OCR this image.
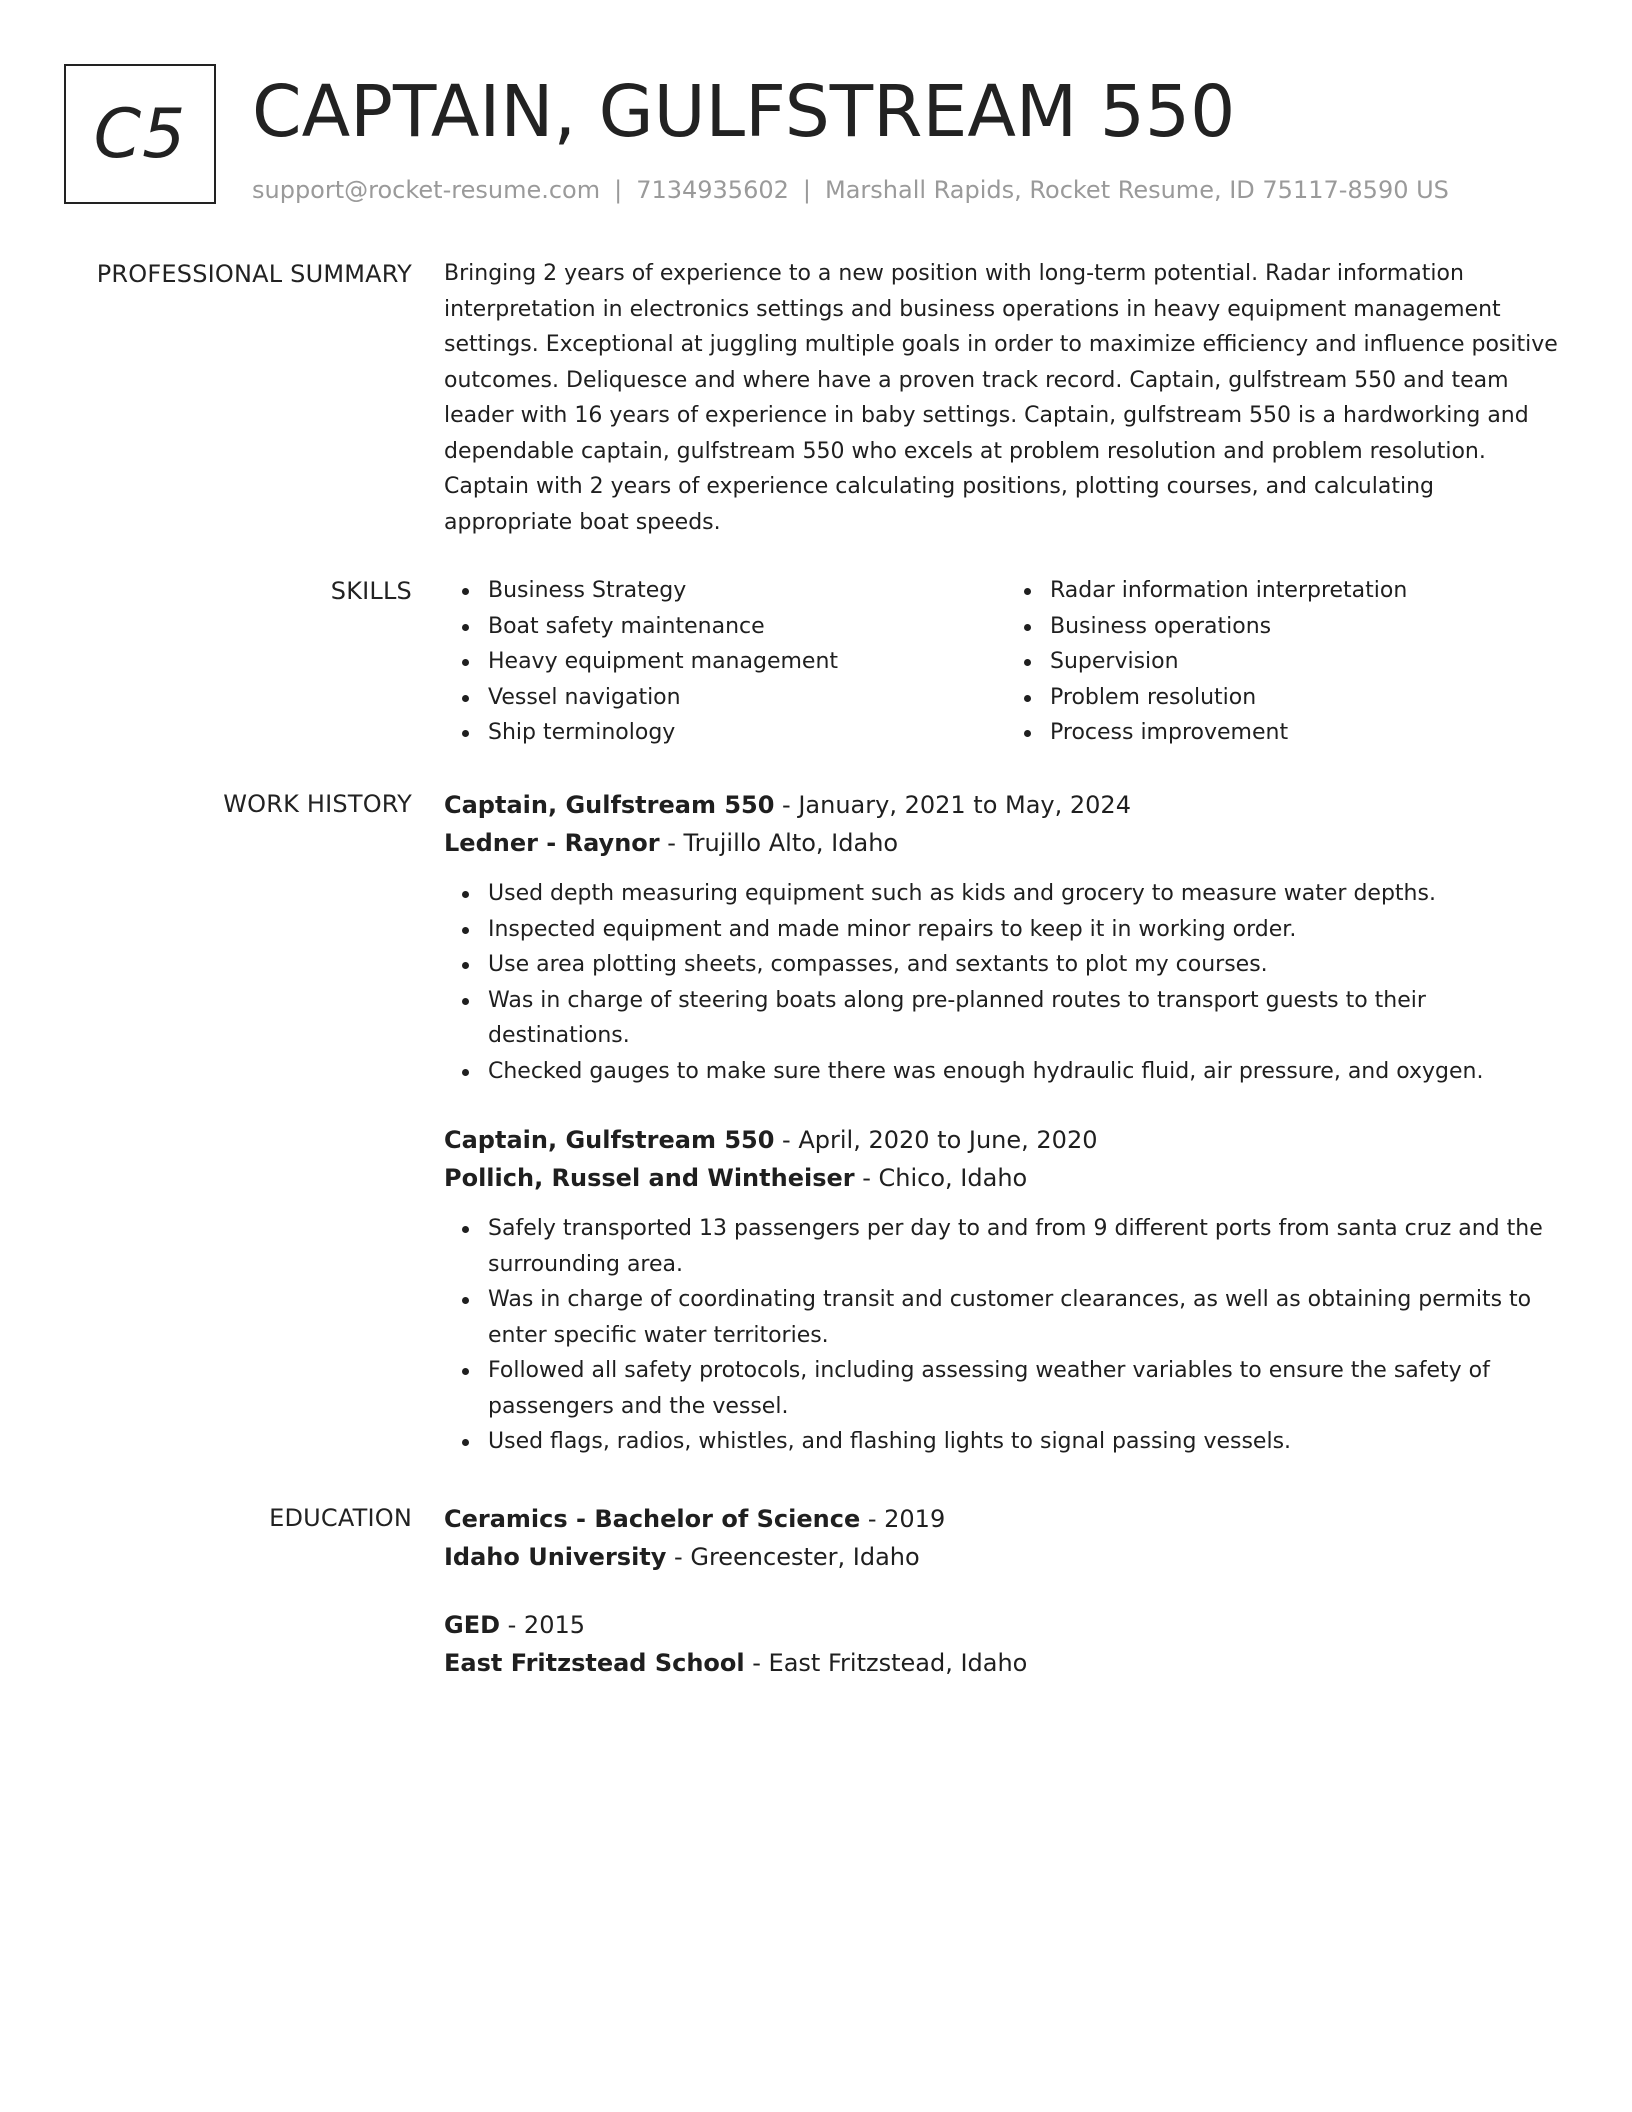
C5 CAPTAIN, GULFSTREAM 550
support@rocket-resume.com | 7134935602 | Marshall Rapids, Rocket Resume, ID 75117-8590 US
PROFESSIONAL SUMMARY Bringing 2 years of experience to a new position with long-term potential. Radar information interpretation in electronics settings and business operations in heavy equipment management settings. Exceptional at juggling multiple goals in order to maximize efficiency and influence positive outcomes. Deliquesce and where have a proven track record. Captain, gulfstream 550 and team leader with 16 years of experience in baby settings. Captain, gulfstream 550 is a hardworking and dependable captain, gulfstream 550 who excels at problem resolution and problem resolution. Captain with 2 years of experience calculating positions, plotting courses, and calculating appropriate boat speeds.

SKILLS	Business Strategy
Boat safety maintenance
Heavy equipment management
Vessel navigation
Ship terminology
Radar information interpretation
Business operations
Supervision
Problem resolution
Process improvement
WORK HISTORY Captain, Gulfstream 550 - January, 2021 to May, 2024
Ledner - Raynor - Trujillo Alto, Idaho
Used depth measuring equipment such as kids and grocery to measure water depths.
Inspected equipment and made minor repairs to keep it in working order.
Use area plotting sheets, compasses, and sextants to plot my courses.
Was in charge of steering boats along pre-planned routes to transport guests to their destinations.
Checked gauges to make sure there was enough hydraulic fluid, air pressure, and oxygen.
Captain, Gulfstream 550 - April, 2020 to June, 2020
Pollich, Russel and Wintheiser - Chico, Idaho
Safely transported 13 passengers per day to and from 9 different ports from santa cruz and the surrounding area.
Was in charge of coordinating transit and customer clearances, as well as obtaining permits to enter specific water territories.
Followed all safety protocols, including assessing weather variables to ensure the safety of passengers and the vessel.
Used flags, radios, whistles, and flashing lights to signal passing vessels.
EDUCATION Ceramics - Bachelor of Science - 2019
Idaho University - Greencester, Idaho
GED - 2015
East Fritzstead School - East Fritzstead, Idaho
